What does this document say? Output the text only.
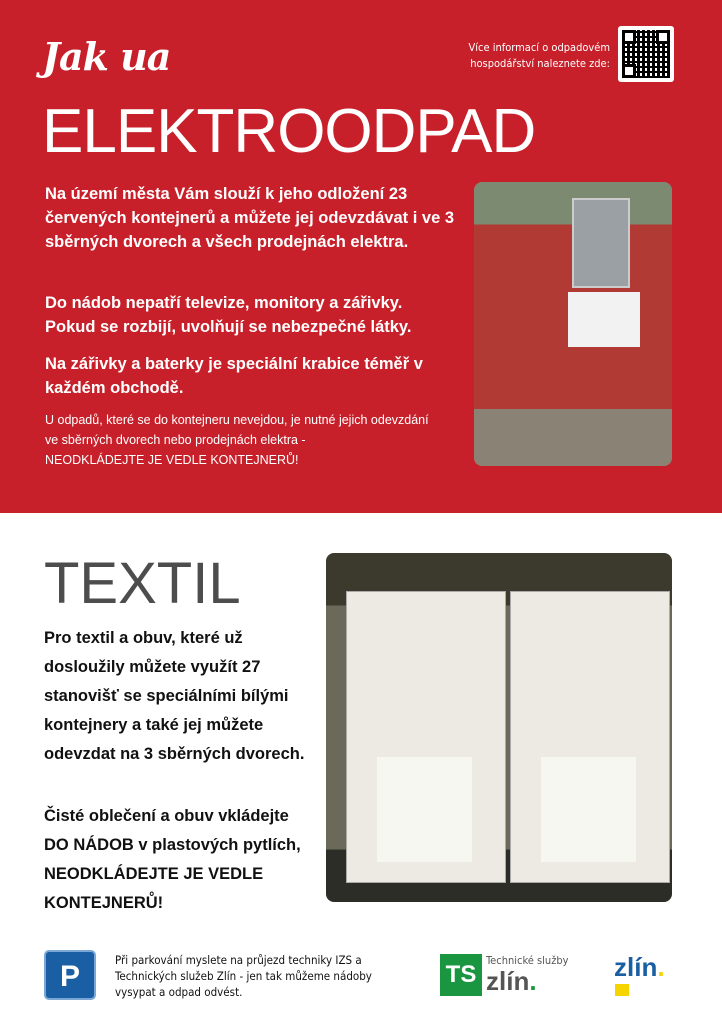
Jak ua	Více informací o odpadovém hospodářství naleznete zde:
ELEKTROODPAD
Na území města Vám slouží k jeho odložení 23 červených kontejnerů a můžete jej odevzdávat i ve 3 sběrných dvorech a všech prodejnách elektra.
Do nádob nepatří televize, monitory a zářivky. Pokud se rozbijí, uvolňují se nebezpečné látky.
Na zářivky a baterky je speciální krabice téměř v každém obchodě.
U odpadů, které se do kontejneru nevejdou, je nutné jejich odevzdání ve sběrných dvorech nebo prodejnách elektra -
NEODKLÁDEJTE JE VEDLE KONTEJNERŮ!
TEXTIL
Pro textil a obuv, které už dosloužily můžete využít 27 stanovišť se speciálními bílými kontejnery a také jej můžete odevzdat na 3 sběrných dvorech.
Čisté oblečení a obuv vkládejte DO NÁDOB v plastových pytlích, NEODKLÁDEJTE JE VEDLE KONTEJNERŮ!
P	Při parkování myslete na průjezd techniky IZS a Technických služeb Zlín - jen tak můžeme nádoby vysypat a odpad odvést.
TS
Technické služby
zlín.	zlín.
